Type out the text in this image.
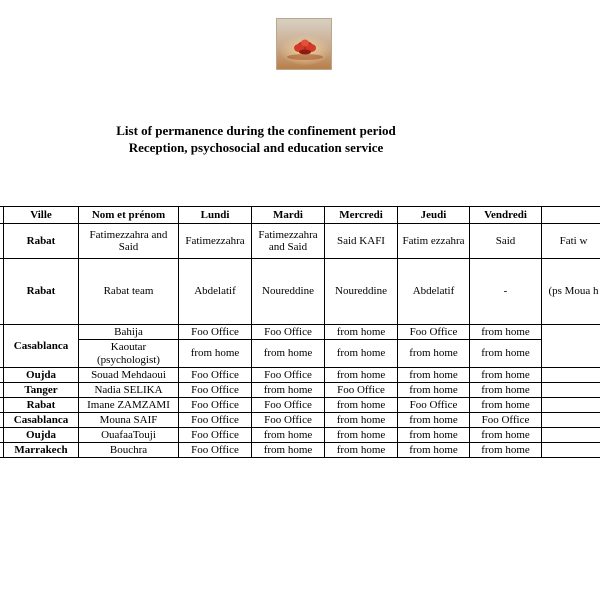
List of permanence during the confinement period
Reception, psychosocial and education service
	Ville	Nom et prénom	Lundi	Mardi	Mercredi	Jeudi	Vendredi	
	Rabat	Fatimezzahra and Said	Fatimezzahra	Fatimezzahra and Said	Said KAFI	Fatim ezzahra	Said	Fati w
	Rabat	Rabat team	Abdelatif	Noureddine	Noureddine	Abdelatif	-	(ps Moua h
	Casablanca	Bahija	Foo Office	Foo Office	from home	Foo Office	from home	
		Kaoutar (psychologist)	from home	from home	from home	from home	from home	
	Oujda	Souad Mehdaoui	Foo Office	Foo Office	from home	from home	from home	
	Tanger	Nadia SELIKA	Foo Office	from home	Foo Office	from home	from home	
	Rabat	Imane ZAMZAMI	Foo Office	Foo Office	from home	Foo Office	from home	
	Casablanca	Mouna SAIF	Foo Office	Foo Office	from home	from home	Foo Office	
	Oujda	OuafaaTouji	Foo Office	from home	from home	from home	from home	
	Marrakech	Bouchra	Foo Office	from home	from home	from home	from home	
